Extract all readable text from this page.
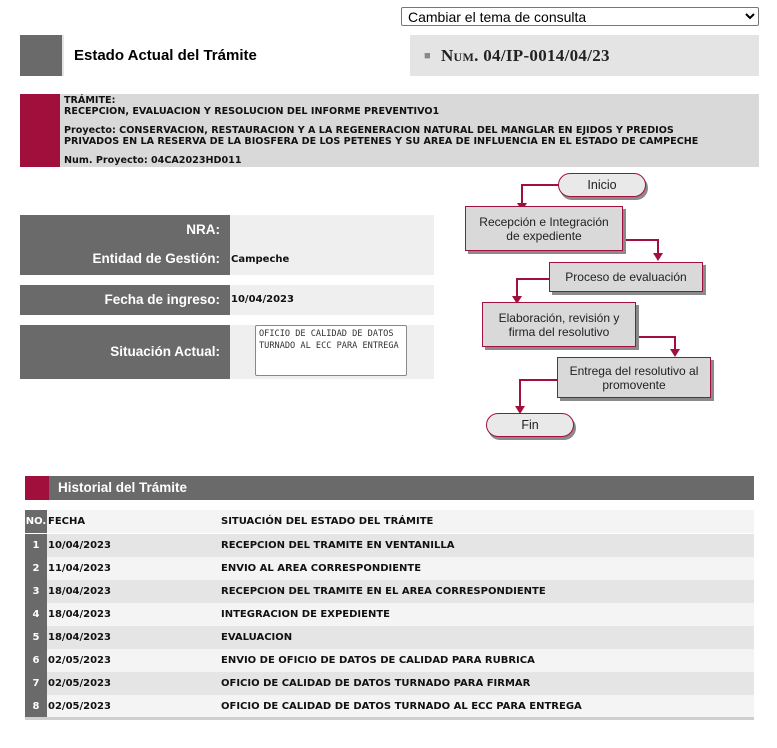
Cambiar el tema de consulta
Estado Actual del Trámite	■ Num. 04/IP-0014/04/23
TRÁMITE:
RECEPCION, EVALUACION Y RESOLUCION DEL INFORME PREVENTIVO1
Proyecto: CONSERVACION, RESTAURACION Y A LA REGENERACION NATURAL DEL MANGLAR EN EJIDOS Y PREDIOS
PRIVADOS EN LA RESERVA DE LA BIOSFERA DE LOS PETENES Y SU AREA DE INFLUENCIA EN EL ESTADO DE CAMPECHE
Num. Proyecto: 04CA2023HD011
NRA:
Entidad de Gestión:	Campeche
Fecha de ingreso:	10/04/2023
Situación Actual:
OFICIO DE CALIDAD DE DATOS TURNADO AL ECC PARA ENTREGA
Inicio
Recepción e Integración de expediente
Proceso de evaluación
Elaboración, revisión y firma del resolutivo
Entrega del resolutivo al promovente
Fin
Historial del Trámite
NO. FECHA	SITUACIÓN DEL ESTADO DEL TRÁMITE
1 10/04/2023	RECEPCION DEL TRAMITE EN VENTANILLA
2 11/04/2023	ENVIO AL AREA CORRESPONDIENTE
3 18/04/2023	RECEPCION DEL TRAMITE EN EL AREA CORRESPONDIENTE
4 18/04/2023	INTEGRACION DE EXPEDIENTE
5 18/04/2023	EVALUACION
6 02/05/2023	ENVIO DE OFICIO DE DATOS DE CALIDAD PARA RUBRICA
7 02/05/2023	OFICIO DE CALIDAD DE DATOS TURNADO PARA FIRMAR
8 02/05/2023	OFICIO DE CALIDAD DE DATOS TURNADO AL ECC PARA ENTREGA
